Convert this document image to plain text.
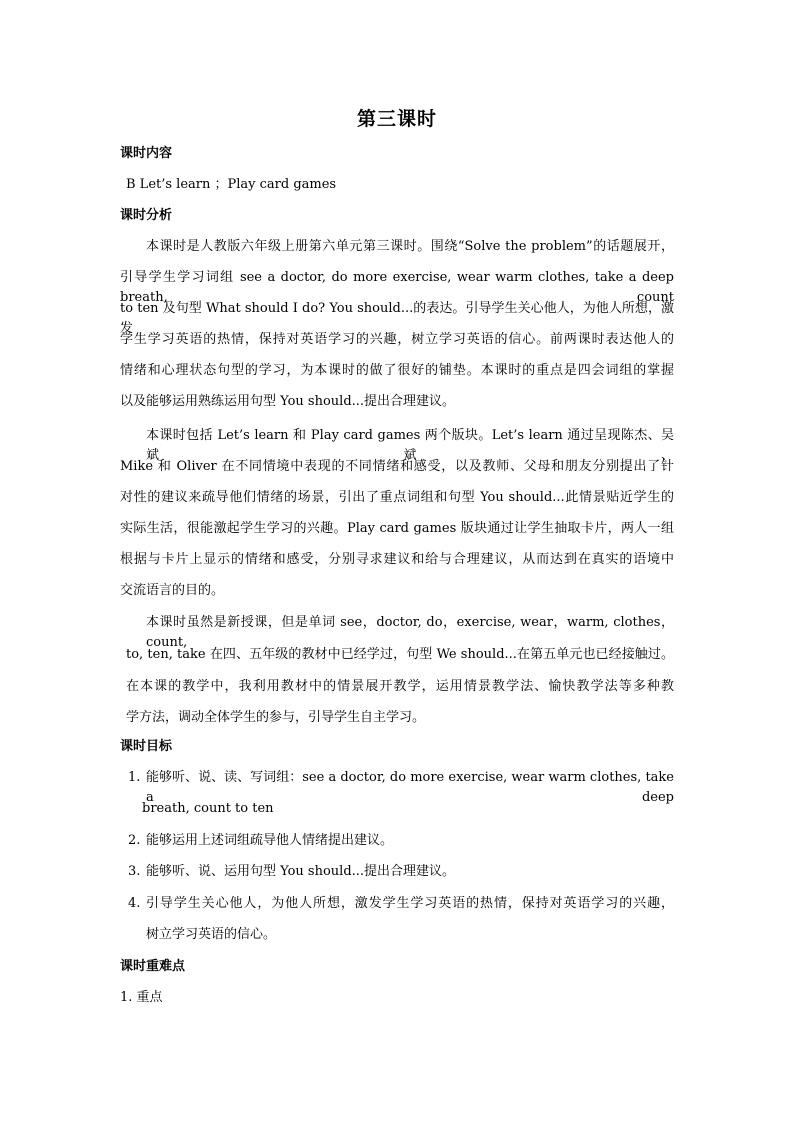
第三课时
课时内容
B Let’s learn ；Play card games
课时分析
本课时是人教版六年级上册第六单元第三课时。围绕“Solve the problem”的话题展开，
引导学生学习词组 see a doctor, do more exercise, wear warm clothes, take a deep breath, count
to ten 及句型 What should I do? You should...的表达。引导学生关心他人，为他人所想，激发
学生学习英语的热情，保持对英语学习的兴趣，树立学习英语的信心。前两课时表达他人的
情绪和心理状态句型的学习，为本课时的做了很好的铺垫。本课时的重点是四会词组的掌握
以及能够运用熟练运用句型 You should...提出合理建议。
本课时包括 Let’s learn 和 Play card games 两个版块。Let’s learn 通过呈现陈杰、吴斌斌、
Mike 和 Oliver 在不同情境中表现的不同情绪和感受，以及教师、父母和朋友分别提出了针
对性的建议来疏导他们情绪的场景，引出了重点词组和句型 You should...此情景贴近学生的
实际生活，很能激起学生学习的兴趣。Play card games 版块通过让学生抽取卡片，两人一组
根据与卡片上显示的情绪和感受，分别寻求建议和给与合理建议，从而达到在真实的语境中
交流语言的目的。
本课时虽然是新授课，但是单词 see，doctor, do，exercise, wear，warm, clothes，count,
to, ten, take 在四、五年级的教材中已经学过，句型 We should...在第五单元也已经接触过。
在本课的教学中，我利用教材中的情景展开教学，运用情景教学法、愉快教学法等多种教
学方法，调动全体学生的参与，引导学生自主学习。
课时目标
1. 能够听、说、读、写词组：see a doctor, do more exercise, wear warm clothes, take a deep
breath, count to ten
2. 能够运用上述词组疏导他人情绪提出建议。
3. 能够听、说、运用句型 You should...提出合理建议。
4. 引导学生关心他人，为他人所想，激发学生学习英语的热情，保持对英语学习的兴趣，
树立学习英语的信心。
课时重难点
1. 重点
